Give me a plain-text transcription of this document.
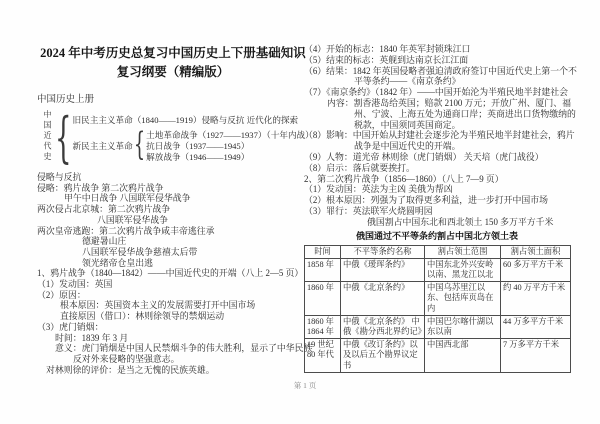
2024 年中考历史总复习中国历史上下册基础知识
复习纲要（精编版）
中国历史上册
中国近代史 { 旧民主主义革命（1840——1919）侵略与反抗 近代化的探索
新民主主义革命 { 土地革命战争（1927——1937）（十年内战）
抗日战争（1937——1945）
解放战争（1946——1949）
侵略与反抗
侵略：鸦片战争 第二次鸦片战争
甲午中日战争 八国联军侵华战争
两次侵占北京城：第二次鸦片战争
八国联军侵华战争
两次皇帝逃跑：第二次鸦片战争咸丰帝逃往承
德避暑山庄
八国联军侵华战争慈禧太后带
领光绪帝仓皇出逃
1、鸦片战争（1840—1842）——中国近代史的开端（八上 2—5 页）
（1）发动国：英国
（2）原因：
根本原因：英国资本主义的发展需要打开中国市场
直接原因（借口）：林则徐领导的禁烟运动
（3）虎门销烟：
时间：1839 年 3 月
意义：虎门销烟是中国人民禁烟斗争的伟大胜利，显示了中华民族
反对外来侵略的坚强意志。
对林则徐的评价：是当之无愧的民族英雄。
（4）开始的标志：1840 年英军封锁珠江口
（5）结束的标志：英舰到达南京长江江面
（6）结果：1842 年英国侵略者强迫清政府签订中国近代史上第一个不
平等条约——《南京条约》
（7）《南京条约》（1842 年）——中国开始沦为半殖民地半封建社会
内容：割香港岛给英国；赔款 2100 万元；开放广州、厦门、福
州、宁波、上海五处为通商口岸；英商进出口货物缴纳的
税款，中国须同英国商定。
（8）影响：中国开始从封建社会逐步沦为半殖民地半封建社会，鸦片
战争是中国近代史的开端。
（9）人物：道光帝 林则徐（虎门销烟） 关天培（虎门战役）
（8）启示：落后就要挨打。
2、第二次鸦片战争（1856—1860）（八上 7—9 页）
（1）发动国：英法为主凶 美俄为帮凶
（2）根本原因：列强为了取得更多利益，进一步打开中国市场
（3）罪行：英法联军火烧圆明园
俄国割占中国东北和西北领土 150 多万平方千米
俄国通过不平等条约割占中国北方领土表
时间	不平等条约名称	割占领土范围	割占领土面积
1858 年	中俄《瑷珲条约》	中国东北外兴安岭以南、黑龙江以北	60 多万平方千米
1860 年	中俄《北京条约》	中国乌苏里江以东、包括库页岛在内	约 40 万平方千米
1860 年 1864 年	中俄《北京条约》 中俄《勘分西北界约记》	中国巴尔喀什湖以东以南	44 万多平方千米
19 世纪 80 年代	中俄《改订条约》以及以后五个勘界议定书	中国西北部	7 万多平方千米
第 1 页
